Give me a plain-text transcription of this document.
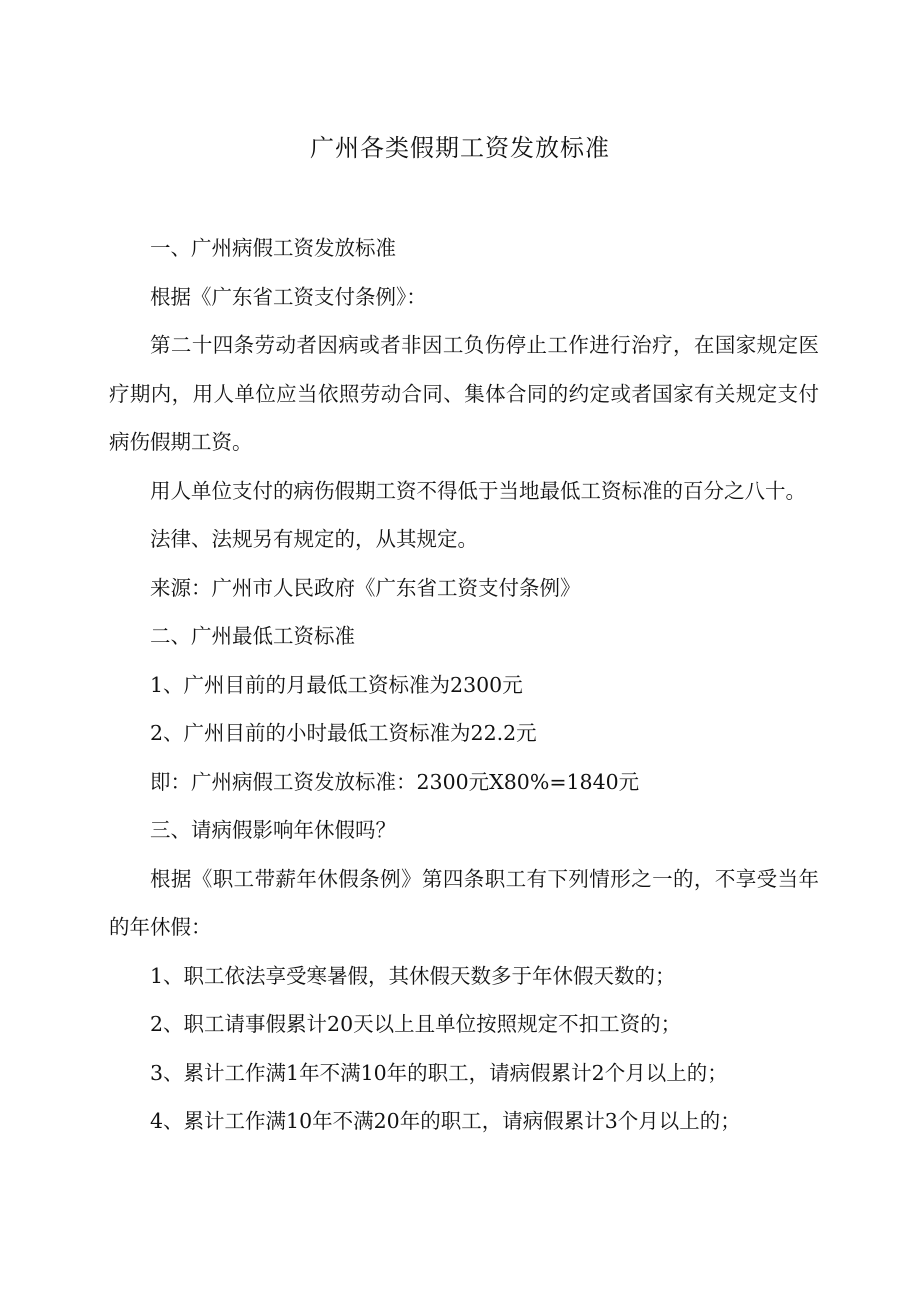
广州各类假期工资发放标准

一、广州病假工资发放标准

根据《广东省工资支付条例》：

第二十四条劳动者因病或者非因工负伤停止工作进行治疗，在国家规定医疗期内，用人单位应当依照劳动合同、集体合同的约定或者国家有关规定支付病伤假期工资。

用人单位支付的病伤假期工资不得低于当地最低工资标准的百分之八十。

法律、法规另有规定的，从其规定。

来源：广州市人民政府《广东省工资支付条例》

二、广州最低工资标准

1、广州目前的月最低工资标准为2300元

2、广州目前的小时最低工资标准为22.2元

即：广州病假工资发放标准：2300元X80%=1840元

三、请病假影响年休假吗？

根据《职工带薪年休假条例》第四条职工有下列情形之一的，不享受当年的年休假：

1、职工依法享受寒暑假，其休假天数多于年休假天数的；

2、职工请事假累计20天以上且单位按照规定不扣工资的；

3、累计工作满1年不满10年的职工，请病假累计2个月以上的；

4、累计工作满10年不满20年的职工，请病假累计3个月以上的；
